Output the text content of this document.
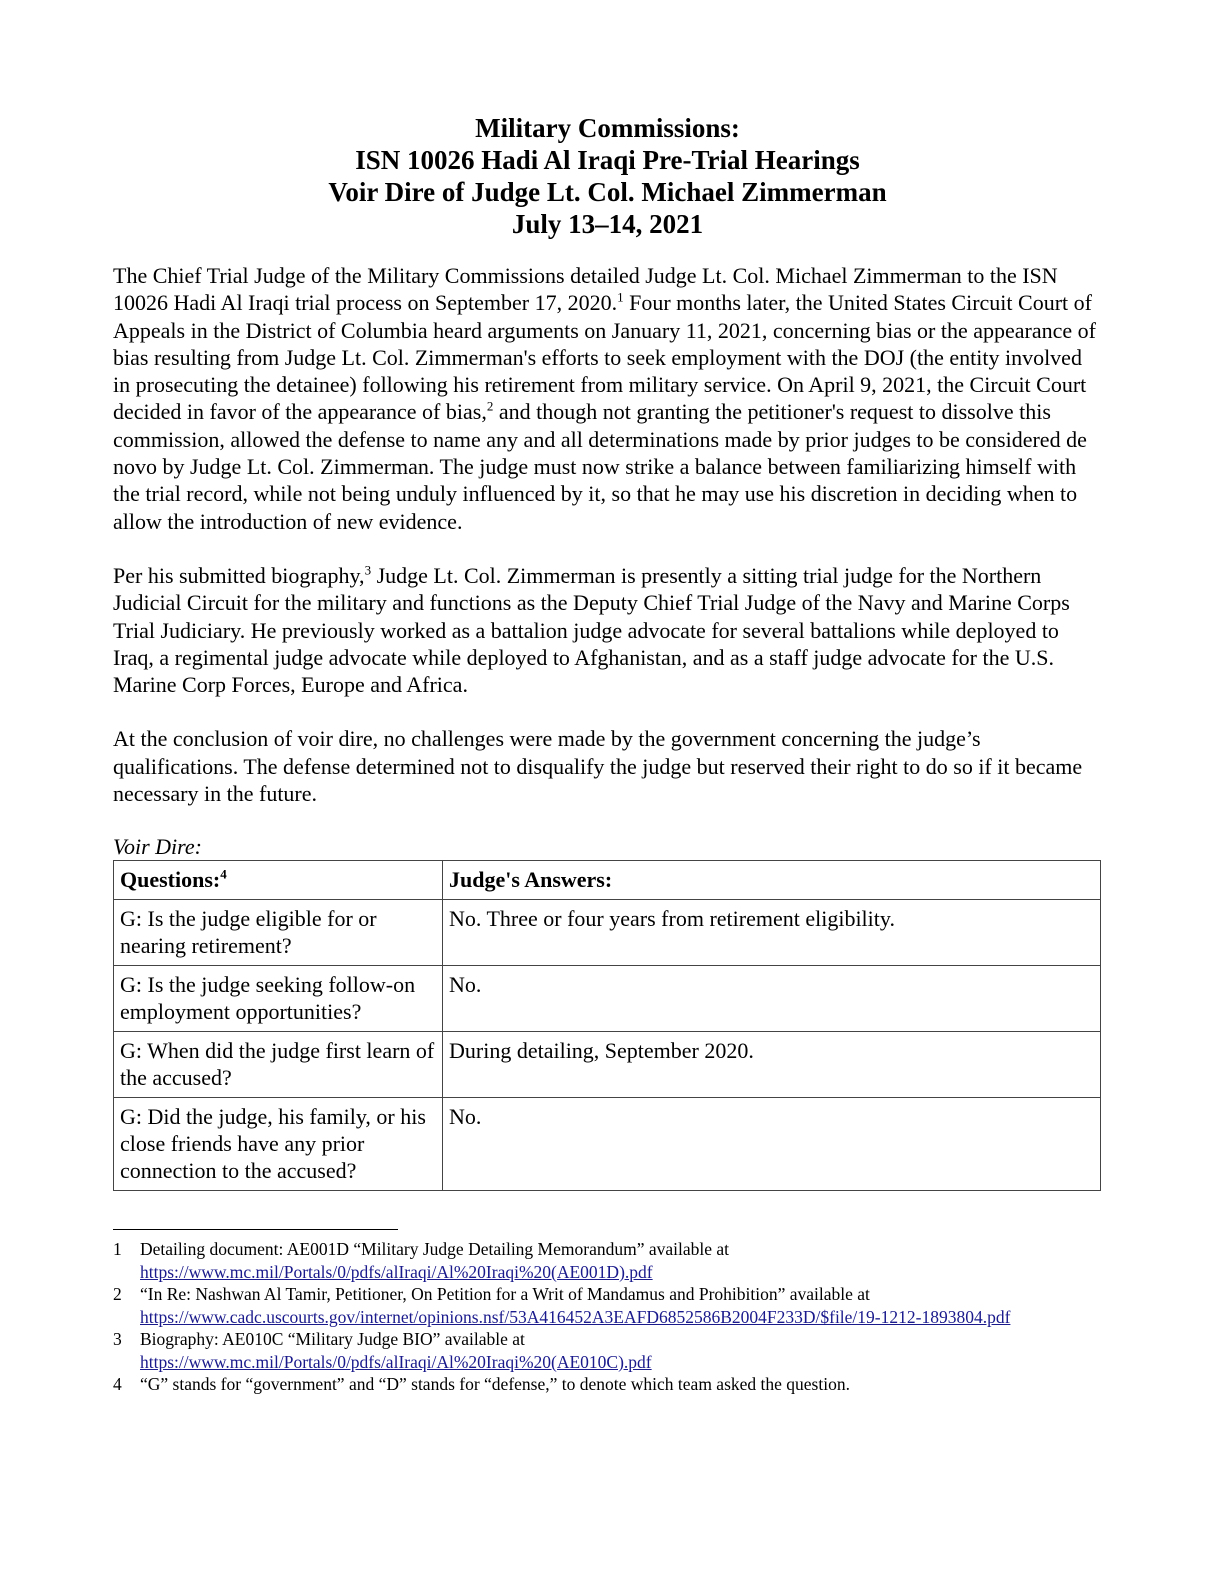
Military Commissions:
ISN 10026 Hadi Al Iraqi Pre-Trial Hearings
Voir Dire of Judge Lt. Col. Michael Zimmerman
July 13–14, 2021

The Chief Trial Judge of the Military Commissions detailed Judge Lt. Col. Michael Zimmerman to the ISN 10026 Hadi Al Iraqi trial process on September 17, 2020.$^1$ Four months later, the United States Circuit Court of Appeals in the District of Columbia heard arguments on January 11, 2021, concerning bias or the appearance of bias resulting from Judge Lt. Col. Zimmerman's efforts to seek employment with the DOJ (the entity involved in prosecuting the detainee) following his retirement from military service. On April 9, 2021, the Circuit Court decided in favor of the appearance of bias,$^2$ and though not granting the petitioner's request to dissolve this commission, allowed the defense to name any and all determinations made by prior judges to be considered de novo by Judge Lt. Col. Zimmerman. The judge must now strike a balance between familiarizing himself with the trial record, while not being unduly influenced by it, so that he may use his discretion in deciding when to allow the introduction of new evidence.

Per his submitted biography,$^3$ Judge Lt. Col. Zimmerman is presently a sitting trial judge for the Northern Judicial Circuit for the military and functions as the Deputy Chief Trial Judge of the Navy and Marine Corps Trial Judiciary. He previously worked as a battalion judge advocate for several battalions while deployed to Iraq, a regimental judge advocate while deployed to Afghanistan, and as a staff judge advocate for the U.S. Marine Corp Forces, Europe and Africa.

At the conclusion of voir dire, no challenges were made by the government concerning the judge’s qualifications. The defense determined not to disqualify the judge but reserved their right to do so if it became necessary in the future.

Voir Dire:

Questions:$^4$	Judge's Answers:
G: Is the judge eligible for or nearing retirement?	No. Three or four years from retirement eligibility.
G: Is the judge seeking follow-on employment opportunities?	No.
G: When did the judge first learn of the accused?	During detailing, September 2020.
G: Did the judge, his family, or his close friends have any prior connection to the accused?	No.
1	Detailing document: AE001D “Military Judge Detailing Memorandum” available at
https://www.mc.mil/Portals/0/pdfs/alIraqi/Al%20Iraqi%20(AE001D).pdf
2	“In Re: Nashwan Al Tamir, Petitioner, On Petition for a Writ of Mandamus and Prohibition” available at
https://www.cadc.uscourts.gov/internet/opinions.nsf/53A416452A3EAFD6852586B2004F233D/$file/19-1212-1893804.pdf
3	Biography: AE010C “Military Judge BIO” available at
https://www.mc.mil/Portals/0/pdfs/alIraqi/Al%20Iraqi%20(AE010C).pdf
4	“G” stands for “government” and “D” stands for “defense,” to denote which team asked the question.
